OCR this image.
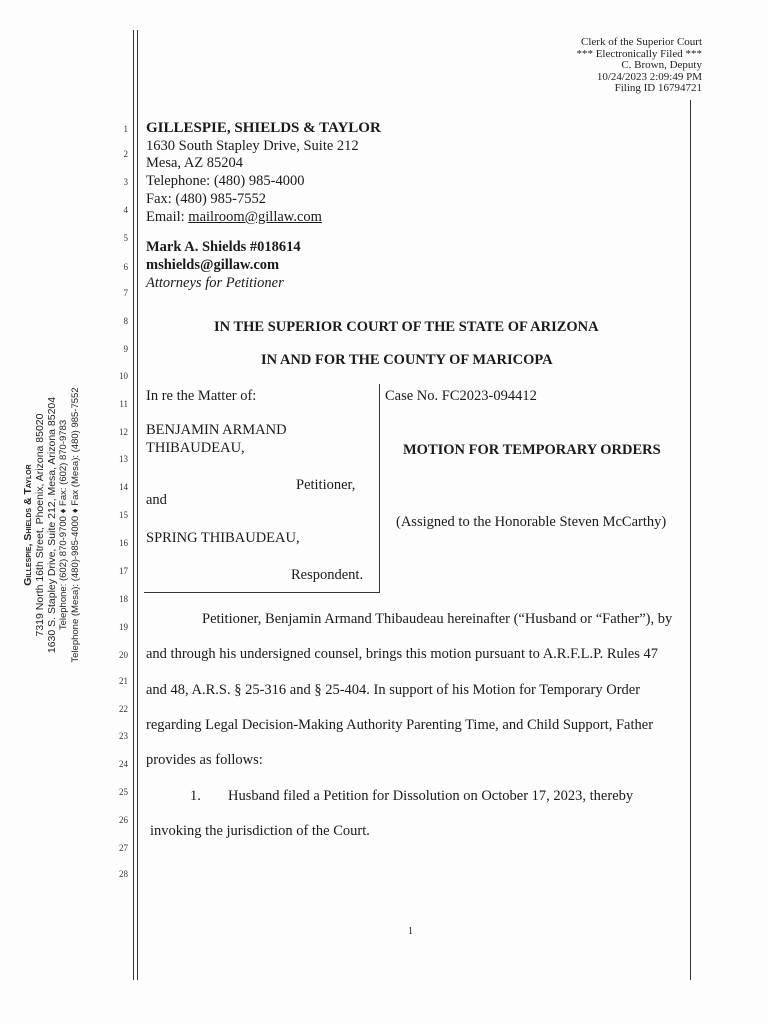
Clerk of the Superior Court
*** Electronically Filed ***
C. Brown, Deputy
10/24/2023 2:09:49 PM
Filing ID 16794721
Gillespie, Shields & Taylor 7319 North 16th Street, Phoenix, Arizona 85020 1630 S. Stapley Drive, Suite 212, Mesa, Arizona 85204 Telephone: (602) 870-9700 ♦ Fax: (602) 870-9783 Telephone (Mesa): (480)-985-4000 ♦ Fax (Mesa): (480) 985-7552
1
2
3
4
5
6
7
8
9
10
11
12
13
14
15
16
17
18
19
20
21
22
23
24
25
26
27
28
GILLESPIE, SHIELDS & TAYLOR
1630 South Stapley Drive, Suite 212
Mesa, AZ 85204
Telephone: (480) 985-4000
Fax: (480) 985-7552
Email: mailroom@gillaw.com
Mark A. Shields #018614
mshields@gillaw.com
Attorneys for Petitioner
IN THE SUPERIOR COURT OF THE STATE OF ARIZONA
IN AND FOR THE COUNTY OF MARICOPA
In re the Matter of:
BENJAMIN ARMAND
THIBAUDEAU,
Petitioner,
and
SPRING THIBAUDEAU,
Respondent.
Case No. FC2023-094412
MOTION FOR TEMPORARY ORDERS
(Assigned to the Honorable Steven McCarthy)
Petitioner, Benjamin Armand Thibaudeau hereinafter (“Husband or “Father”), by
and through his undersigned counsel, brings this motion pursuant to A.R.F.L.P. Rules 47
and 48, A.R.S. § 25-316 and § 25-404. In support of his Motion for Temporary Order
regarding Legal Decision-Making Authority Parenting Time, and Child Support, Father
provides as follows:
1. Husband filed a Petition for Dissolution on October 17, 2023, thereby
invoking the jurisdiction of the Court.
1
